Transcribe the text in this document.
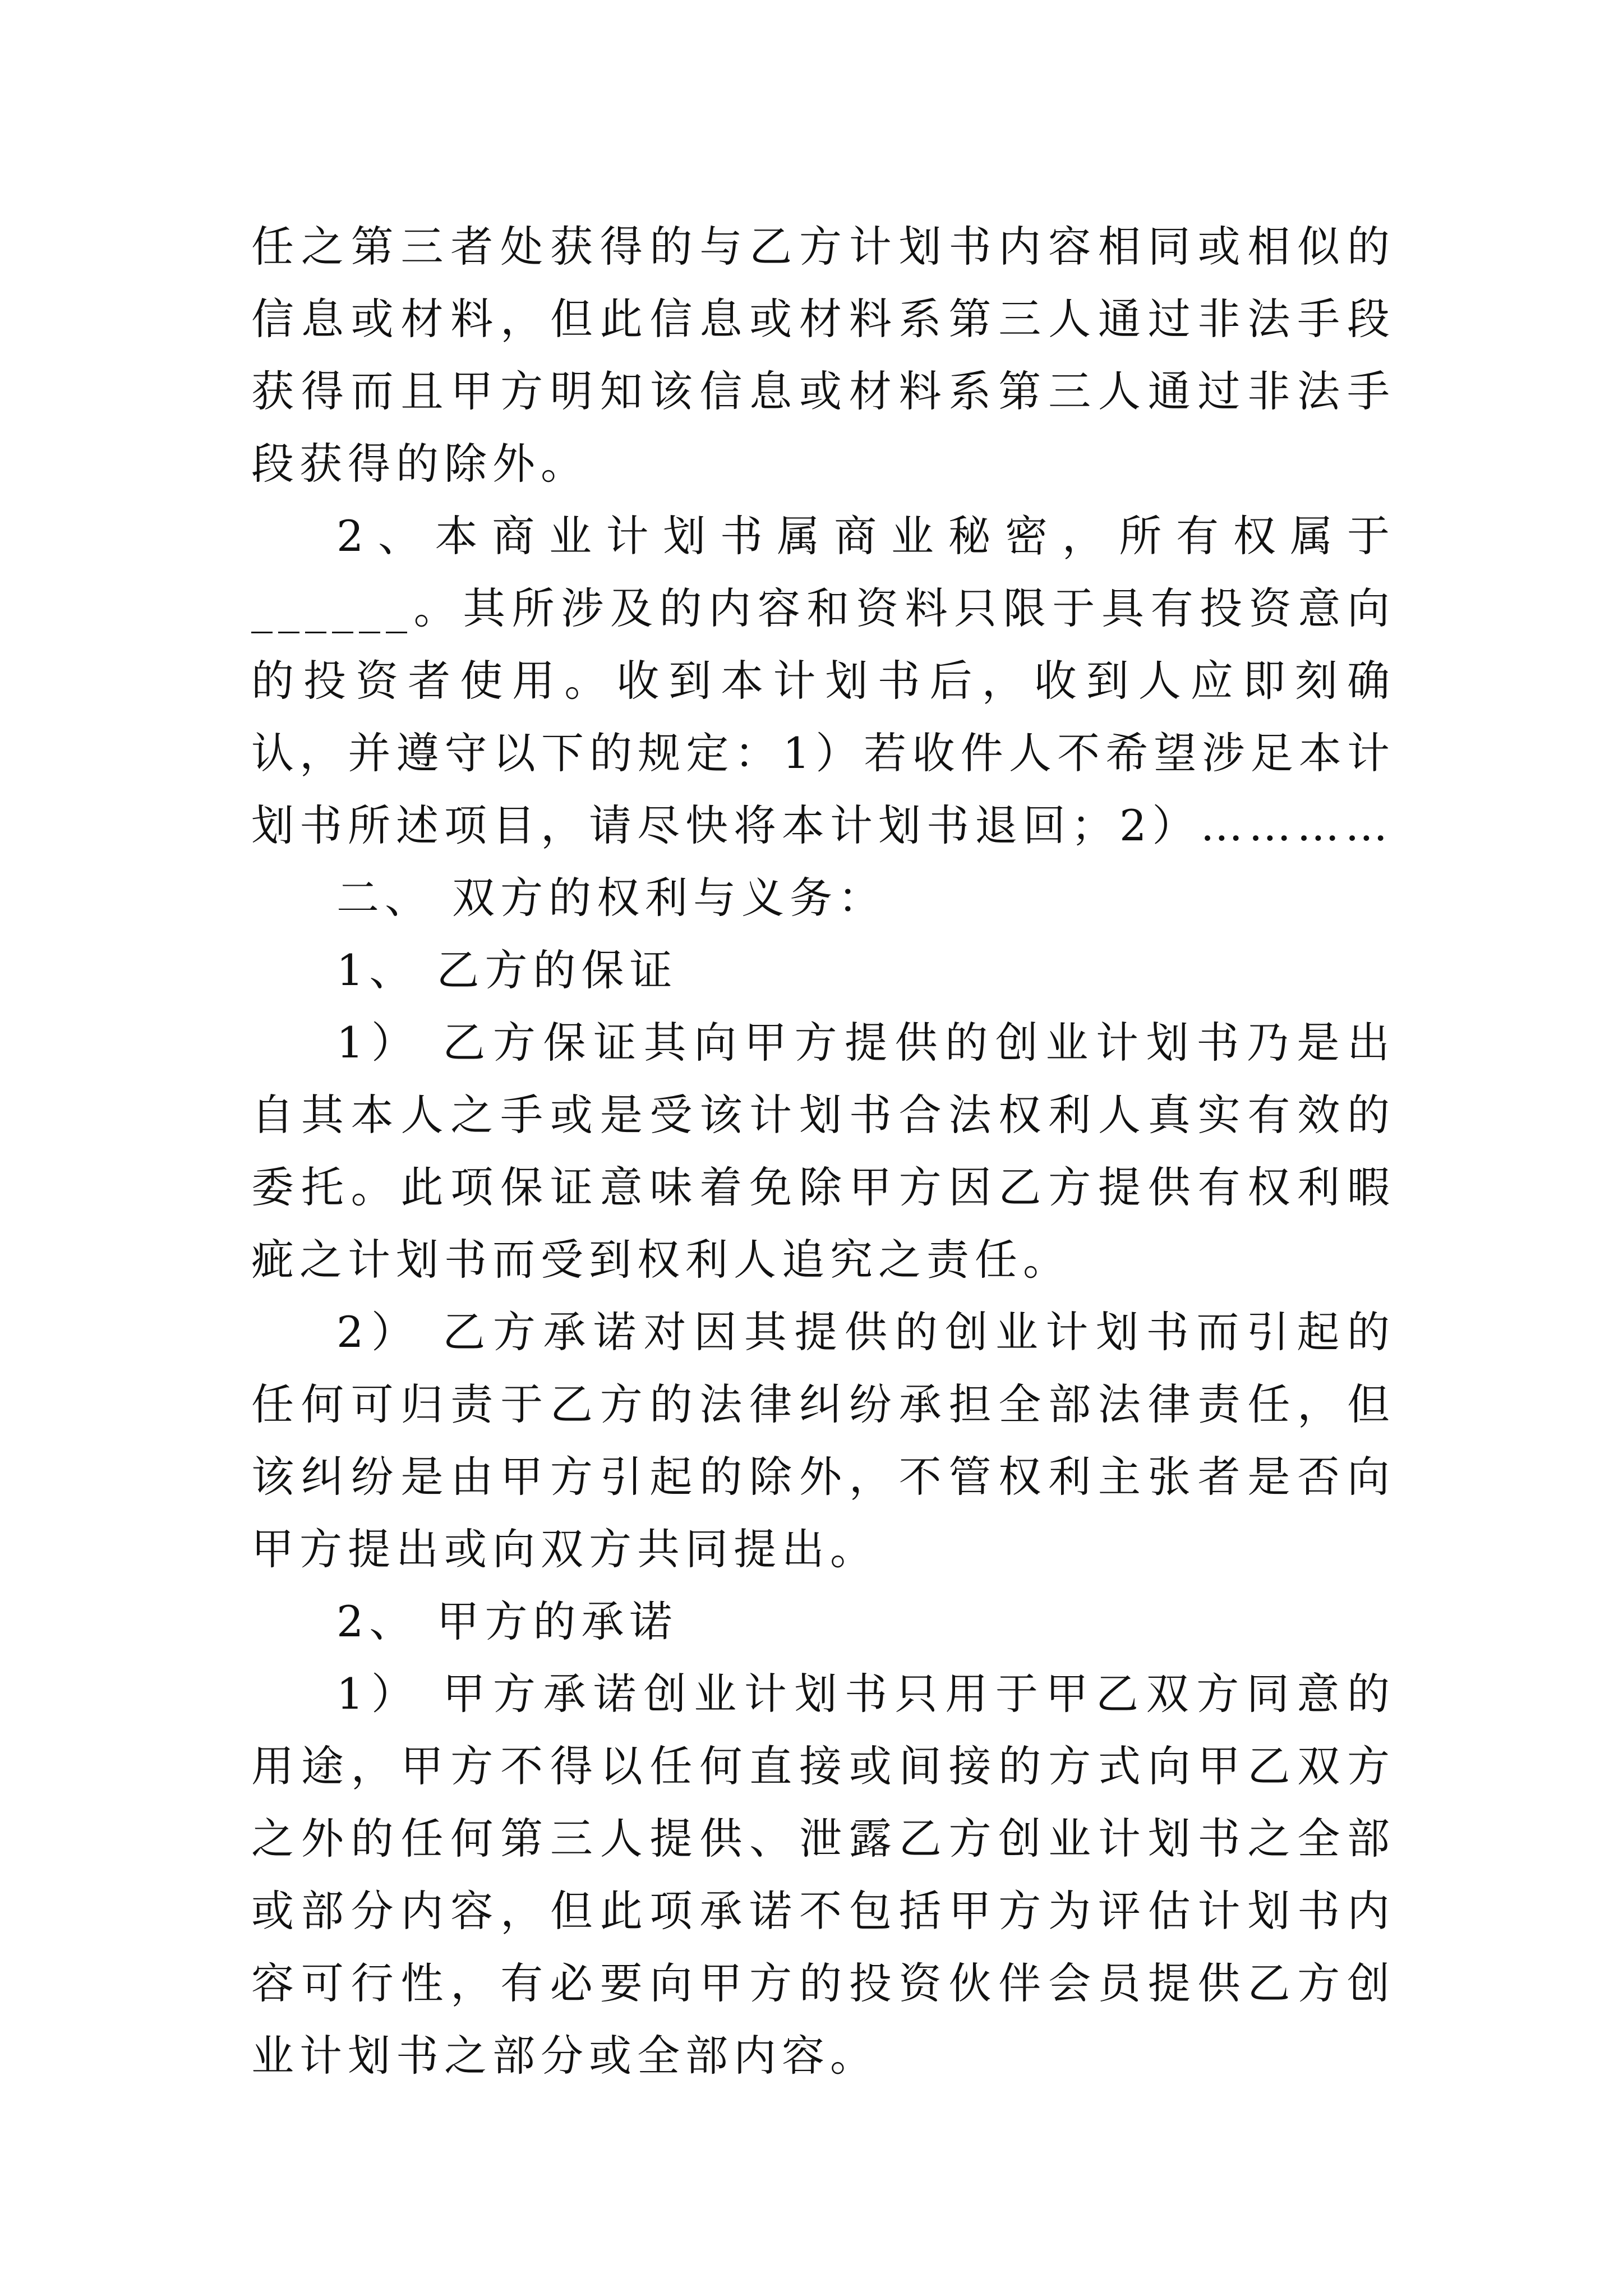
任之第三者处获得的与乙方计划书内容相同或相似的信息或材料，但此信息或材料系第三人通过非法手段获得而且甲方明知该信息或材料系第三人通过非法手段获得的除外。

2、本商业计划书属商业秘密，所有权属于______。其所涉及的内容和资料只限于具有投资意向的投资者使用。收到本计划书后，收到人应即刻确认，并遵守以下的规定：1）若收件人不希望涉足本计划书所述项目，请尽快将本计划书退回；2）…………

二、 双方的权利与义务：

1、 乙方的保证

1） 乙方保证其向甲方提供的创业计划书乃是出自其本人之手或是受该计划书合法权利人真实有效的委托。此项保证意味着免除甲方因乙方提供有权利暇疵之计划书而受到权利人追究之责任。

2） 乙方承诺对因其提供的创业计划书而引起的任何可归责于乙方的法律纠纷承担全部法律责任，但该纠纷是由甲方引起的除外，不管权利主张者是否向甲方提出或向双方共同提出。

2、 甲方的承诺

1） 甲方承诺创业计划书只用于甲乙双方同意的用途，甲方不得以任何直接或间接的方式向甲乙双方之外的任何第三人提供、泄露乙方创业计划书之全部或部分内容，但此项承诺不包括甲方为评估计划书内容可行性，有必要向甲方的投资伙伴会员提供乙方创业计划书之部分或全部内容。
